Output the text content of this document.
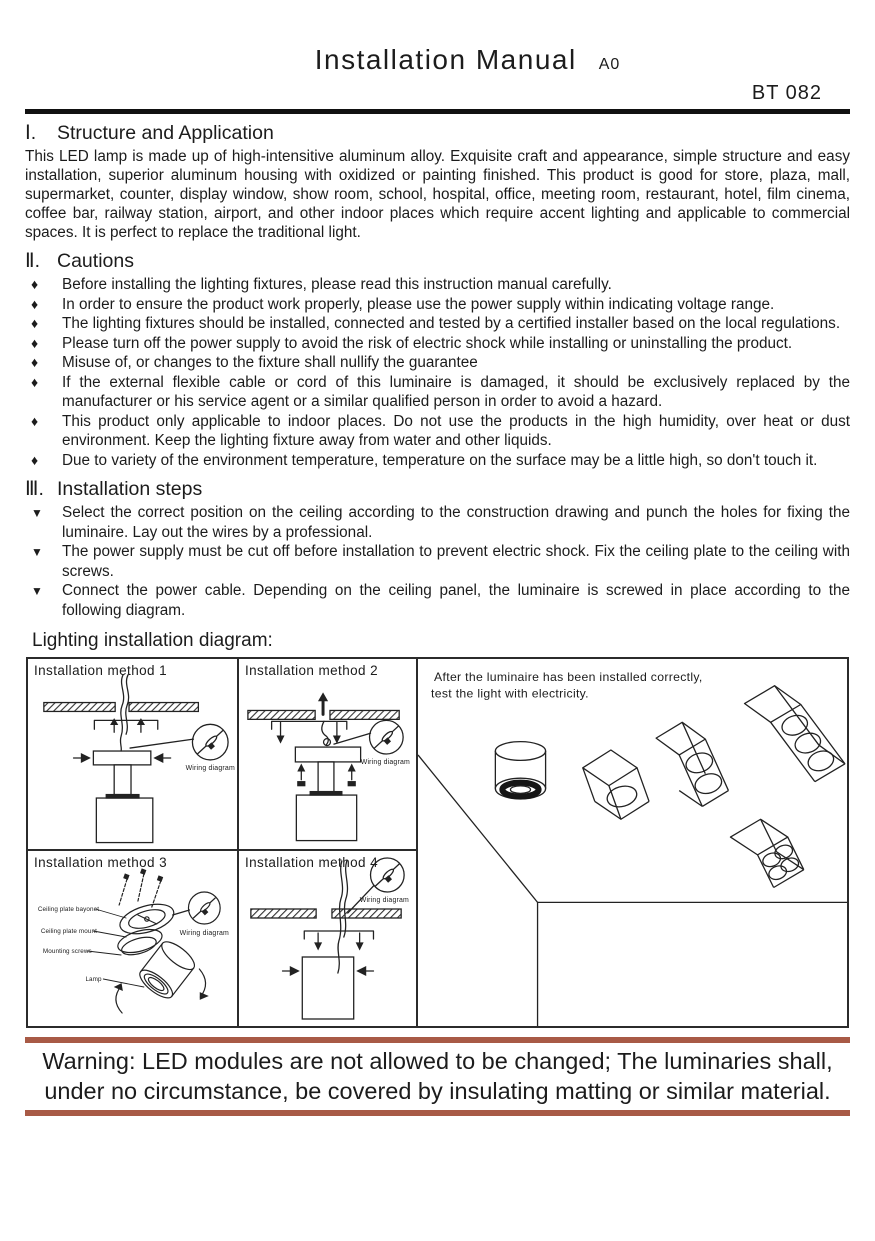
Installation Manual A0
BT 082
Ⅰ. Structure and Application

This LED lamp is made up of high-intensitive aluminum alloy. Exquisite craft and appearance, simple structure and easy installation, superior aluminum housing with oxidized or painting finished. This product is good for store, plaza, mall, supermarket, counter, display window, show room, school, hospital, office, meeting room, restaurant, hotel, film cinema, coffee bar, railway station, airport, and other indoor places which require accent lighting and applicable to commercial spaces. It is perfect to replace the traditional light.

Ⅱ. Cautions
♦	Before installing the lighting fixtures, please read this instruction manual carefully.
♦	In order to ensure the product work properly, please use the power supply within indicating voltage range.
♦	The lighting fixtures should be installed, connected and tested by a certified installer based on the local regulations.
♦	Please turn off the power supply to avoid the risk of electric shock while installing or uninstalling the product.
♦	Misuse of, or changes to the fixture shall nullify the guarantee
♦	If the external flexible cable or cord of this luminaire is damaged, it should be exclusively replaced by the manufacturer or his service agent or a similar qualified person in order to avoid a hazard.
♦	This product only applicable to indoor places. Do not use the products in the high humidity, over heat or dust environment. Keep the lighting fixture away from water and other liquids.
♦	Due to variety of the environment temperature, temperature on the surface may be a little high, so don't touch it.
Ⅲ. Installation steps
▼	Select the correct position on the ceiling according to the construction drawing and punch the holes for fixing the luminaire. Lay out the wires by a professional.
▼	The power supply must be cut off before installation to prevent electric shock. Fix the ceiling plate to the ceiling with screws.
▼	Connect the power cable. Depending on the ceiling panel, the luminaire is screwed in place according to the following diagram.
Lighting installation diagram:
Wiring diagram
Installation method 1
Wiring diagram
Installation method 2	After the luminaire has been installed correctly,
test the light with electricity.
Ceiling plate bayonet
Ceiling plate mount
Mounting screws
Lamp
Wiring diagram
Installation method 3
Wiring diagram
Installation method 4
Warning: LED modules are not allowed to be changed; The luminaries shall,
under no circumstance, be covered by insulating matting or similar material.
